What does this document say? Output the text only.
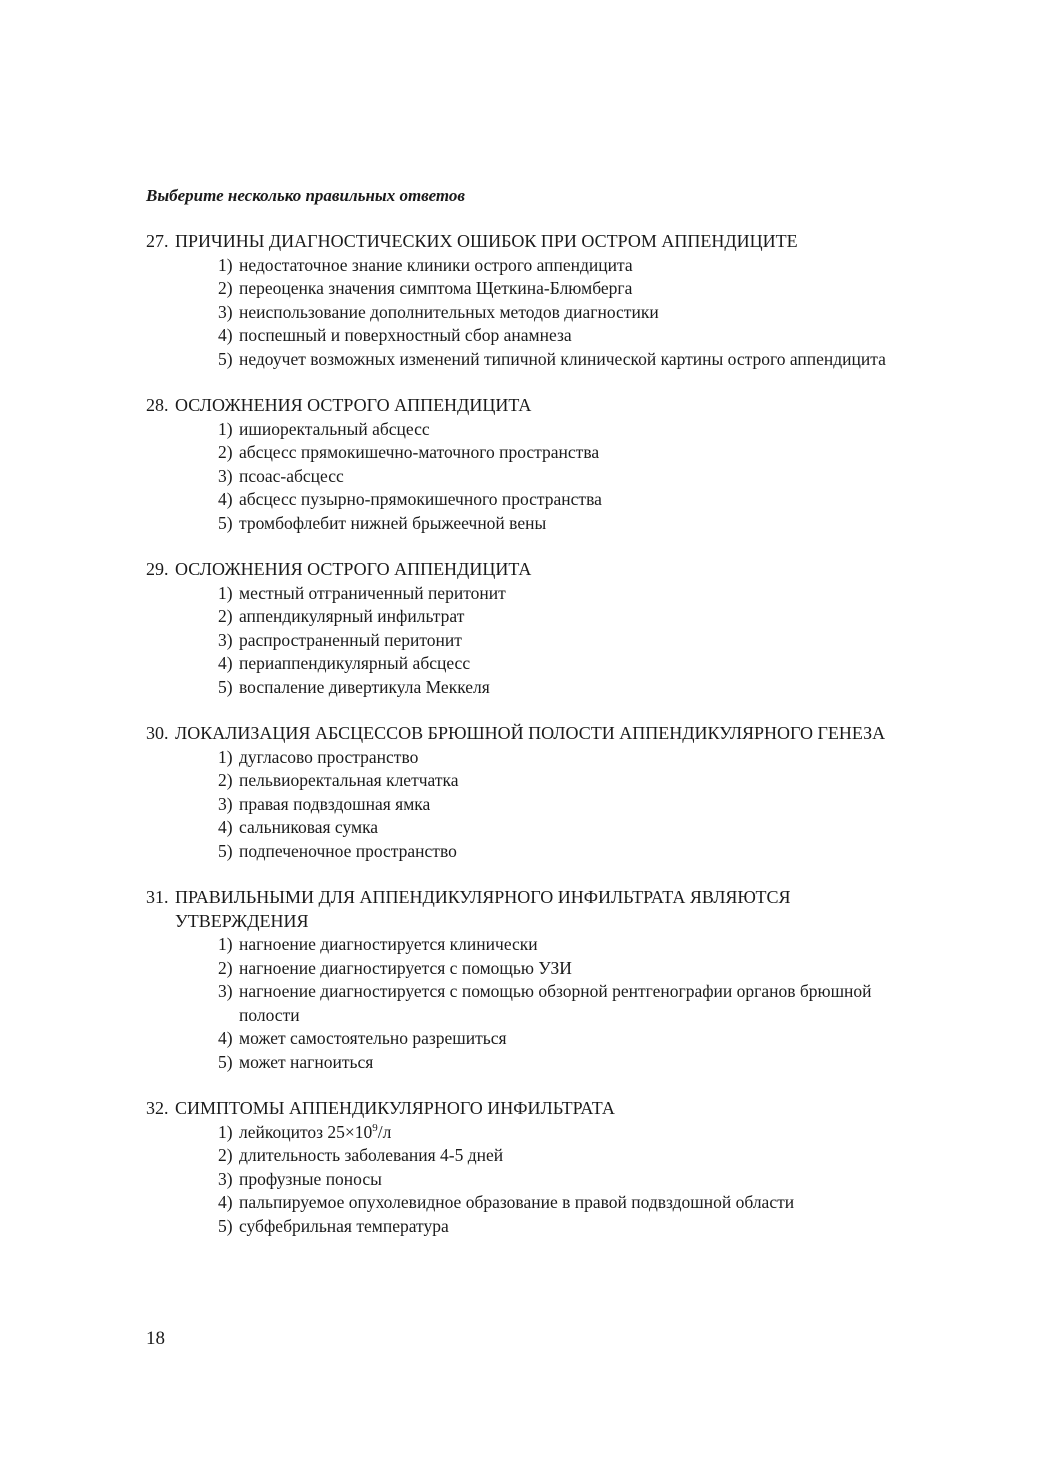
Выберите несколько правильных ответов

27. ПРИЧИНЫ ДИАГНОСТИЧЕСКИХ ОШИБОК ПРИ ОСТРОМ АППЕНДИЦИТЕ
1) недостаточное знание клиники острого аппендицита
2) переоценка значения симптома Щеткина-Блюмберга
3) неиспользование дополнительных методов диагностики
4) поспешный и поверхностный сбор анамнеза
5) недоучет возможных изменений типичной клинической картины острого аппендицита
28. ОСЛОЖНЕНИЯ ОСТРОГО АППЕНДИЦИТА
1) ишиоректальный абсцесс
2) абсцесс прямокишечно-маточного пространства
3) псоас-абсцесс
4) абсцесс пузырно-прямокишечного пространства
5) тромбофлебит нижней брыжеечной вены
29. ОСЛОЖНЕНИЯ ОСТРОГО АППЕНДИЦИТА
1) местный отграниченный перитонит
2) аппендикулярный инфильтрат
3) распространенный перитонит
4) периаппендикулярный абсцесс
5) воспаление дивертикула Меккеля
30. ЛОКАЛИЗАЦИЯ АБСЦЕССОВ БРЮШНОЙ ПОЛОСТИ АППЕНДИКУЛЯРНОГО ГЕНЕЗА
1) дугласово пространство
2) пельвиоректальная клетчатка
3) правая подвздошная ямка
4) сальниковая сумка
5) подпеченочное пространство
31. ПРАВИЛЬНЫМИ ДЛЯ АППЕНДИКУЛЯРНОГО ИНФИЛЬТРАТА ЯВЛЯЮТСЯ УТВЕРЖДЕНИЯ
1) нагноение диагностируется клинически
2) нагноение диагностируется с помощью УЗИ
3) нагноение диагностируется с помощью обзорной рентгенографии органов брюшной полости
4) может самостоятельно разрешиться
5) может нагноиться
32. СИМПТОМЫ АППЕНДИКУЛЯРНОГО ИНФИЛЬТРАТА
1) лейкоцитоз $25\times 10^9/л$
2) длительность заболевания 4-5 дней
3) профузные поносы
4) пальпируемое опухолевидное образование в правой подвздошной области
5) субфебрильная температура

18
